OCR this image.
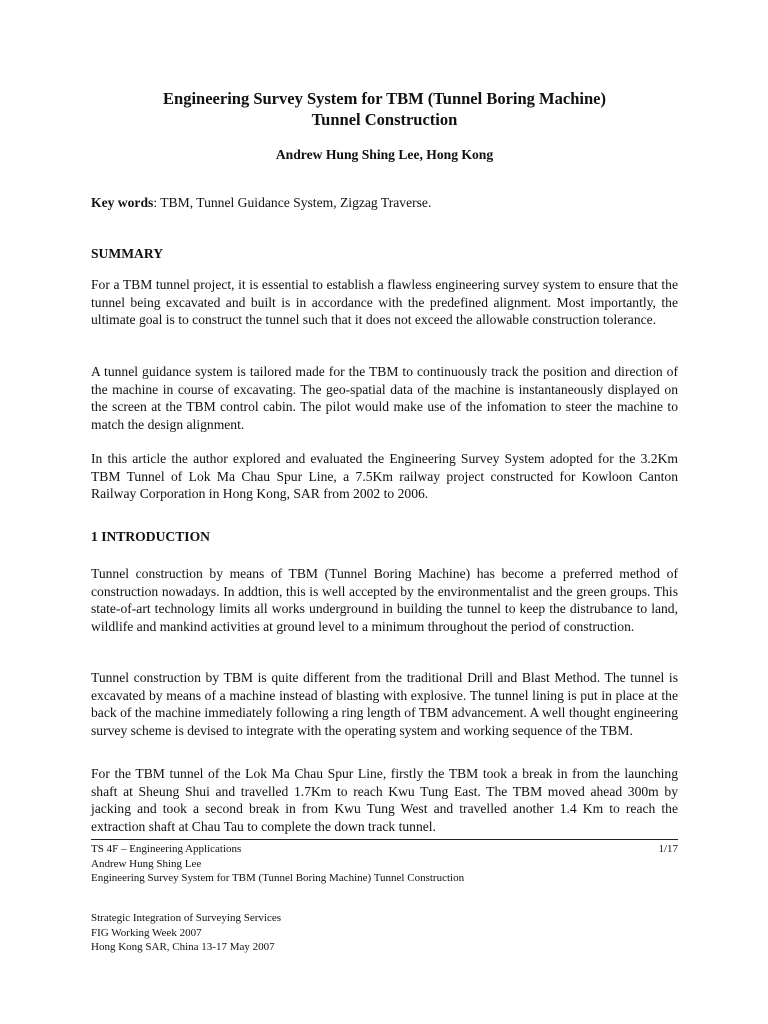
Engineering Survey System for TBM (Tunnel Boring Machine)
Tunnel Construction
Andrew Hung Shing Lee, Hong Kong
Key words: TBM, Tunnel Guidance System, Zigzag Traverse.
SUMMARY
For a TBM tunnel project, it is essential to establish a flawless engineering survey system to ensure that the tunnel being excavated and built is in accordance with the predefined alignment. Most importantly, the ultimate goal is to construct the tunnel such that it does not exceed the allowable construction tolerance.
A tunnel guidance system is tailored made for the TBM to continuously track the position and direction of the machine in course of excavating. The geo-spatial data of the machine is instantaneously displayed on the screen at the TBM control cabin. The pilot would make use of the infomation to steer the machine to match the design alignment.
In this article the author explored and evaluated the Engineering Survey System adopted for the 3.2Km TBM Tunnel of Lok Ma Chau Spur Line, a 7.5Km railway project constructed for Kowloon Canton Railway Corporation in Hong Kong, SAR from 2002 to 2006.
1 INTRODUCTION
Tunnel construction by means of TBM (Tunnel Boring Machine) has become a preferred method of construction nowadays. In addtion, this is well accepted by the environmentalist and the green groups. This state-of-art technology limits all works underground in building the tunnel to keep the distrubance to land, wildlife and mankind activities at ground level to a minimum throughout the period of construction.
Tunnel construction by TBM is quite different from the traditional Drill and Blast Method. The tunnel is excavated by means of a machine instead of blasting with explosive. The tunnel lining is put in place at the back of the machine immediately following a ring length of TBM advancement. A well thought engineering survey scheme is devised to integrate with the operating system and working sequence of the TBM.
For the TBM tunnel of the Lok Ma Chau Spur Line, firstly the TBM took a break in from the launching shaft at Sheung Shui and travelled 1.7Km to reach Kwu Tung East. The TBM moved ahead 300m by jacking and took a second break in from Kwu Tung West and travelled another 1.4 Km to reach the extraction shaft at Chau Tau to complete the down track tunnel.
TS 4F – Engineering Applications	1/17
Andrew Hung Shing Lee
Engineering Survey System for TBM (Tunnel Boring Machine) Tunnel Construction
Strategic Integration of Surveying Services
FIG Working Week 2007
Hong Kong SAR, China 13-17 May 2007
